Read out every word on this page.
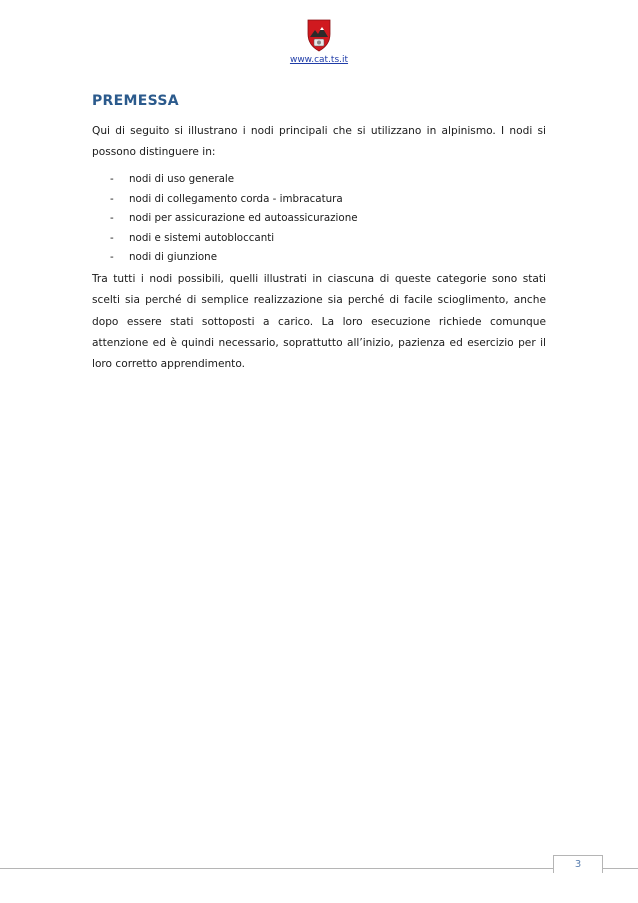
www.cat.ts.it
PREMESSA

Qui di seguito si illustrano i nodi principali che si utilizzano in alpinismo. I nodi si possono distinguere in:

- nodi di uso generale
- nodi di collegamento corda - imbracatura
- nodi per assicurazione ed autoassicurazione
- nodi e sistemi autobloccanti
- nodi di giunzione

Tra tutti i nodi possibili, quelli illustrati in ciascuna di queste categorie sono stati scelti sia perché di semplice realizzazione sia perché di facile scioglimento, anche dopo essere stati sottoposti a carico. La loro esecuzione richiede comunque attenzione ed è quindi necessario, soprattutto all’inizio, pazienza ed esercizio per il loro corretto apprendimento.

3
